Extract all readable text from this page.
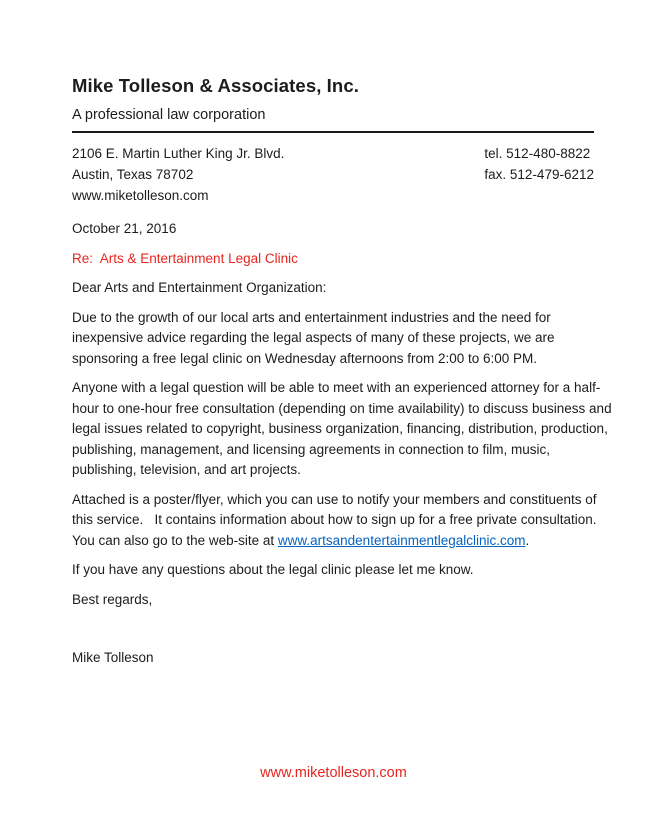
Mike Tolleson & Associates, Inc.
A professional law corporation
2106 E. Martin Luther King Jr. Blvd.
Austin, Texas 78702
www.miketolleson.com
tel. 512-480-8822
fax. 512-479-6212

October 21, 2016

Re:  Arts & Entertainment Legal Clinic

Dear Arts and Entertainment Organization:

Due to the growth of our local arts and entertainment industries and the need for inexpensive advice regarding the legal aspects of many of these projects, we are sponsoring a free legal clinic on Wednesday afternoons from 2:00 to 6:00 PM.

Anyone with a legal question will be able to meet with an experienced attorney for a half-hour to one-hour free consultation (depending on time availability) to discuss business and legal issues related to copyright, business organization, financing, distribution, production, publishing, management, and licensing agreements in connection to film, music, publishing, television, and art projects.

Attached is a poster/flyer, which you can use to notify your members and constituents of this service.   It contains information about how to sign up for a free private consultation.   You can also go to the web-site at www.artsandentertainmentlegalclinic.com.

If you have any questions about the legal clinic please let me know.

Best regards,

Mike Tolleson

www.miketolleson.com
